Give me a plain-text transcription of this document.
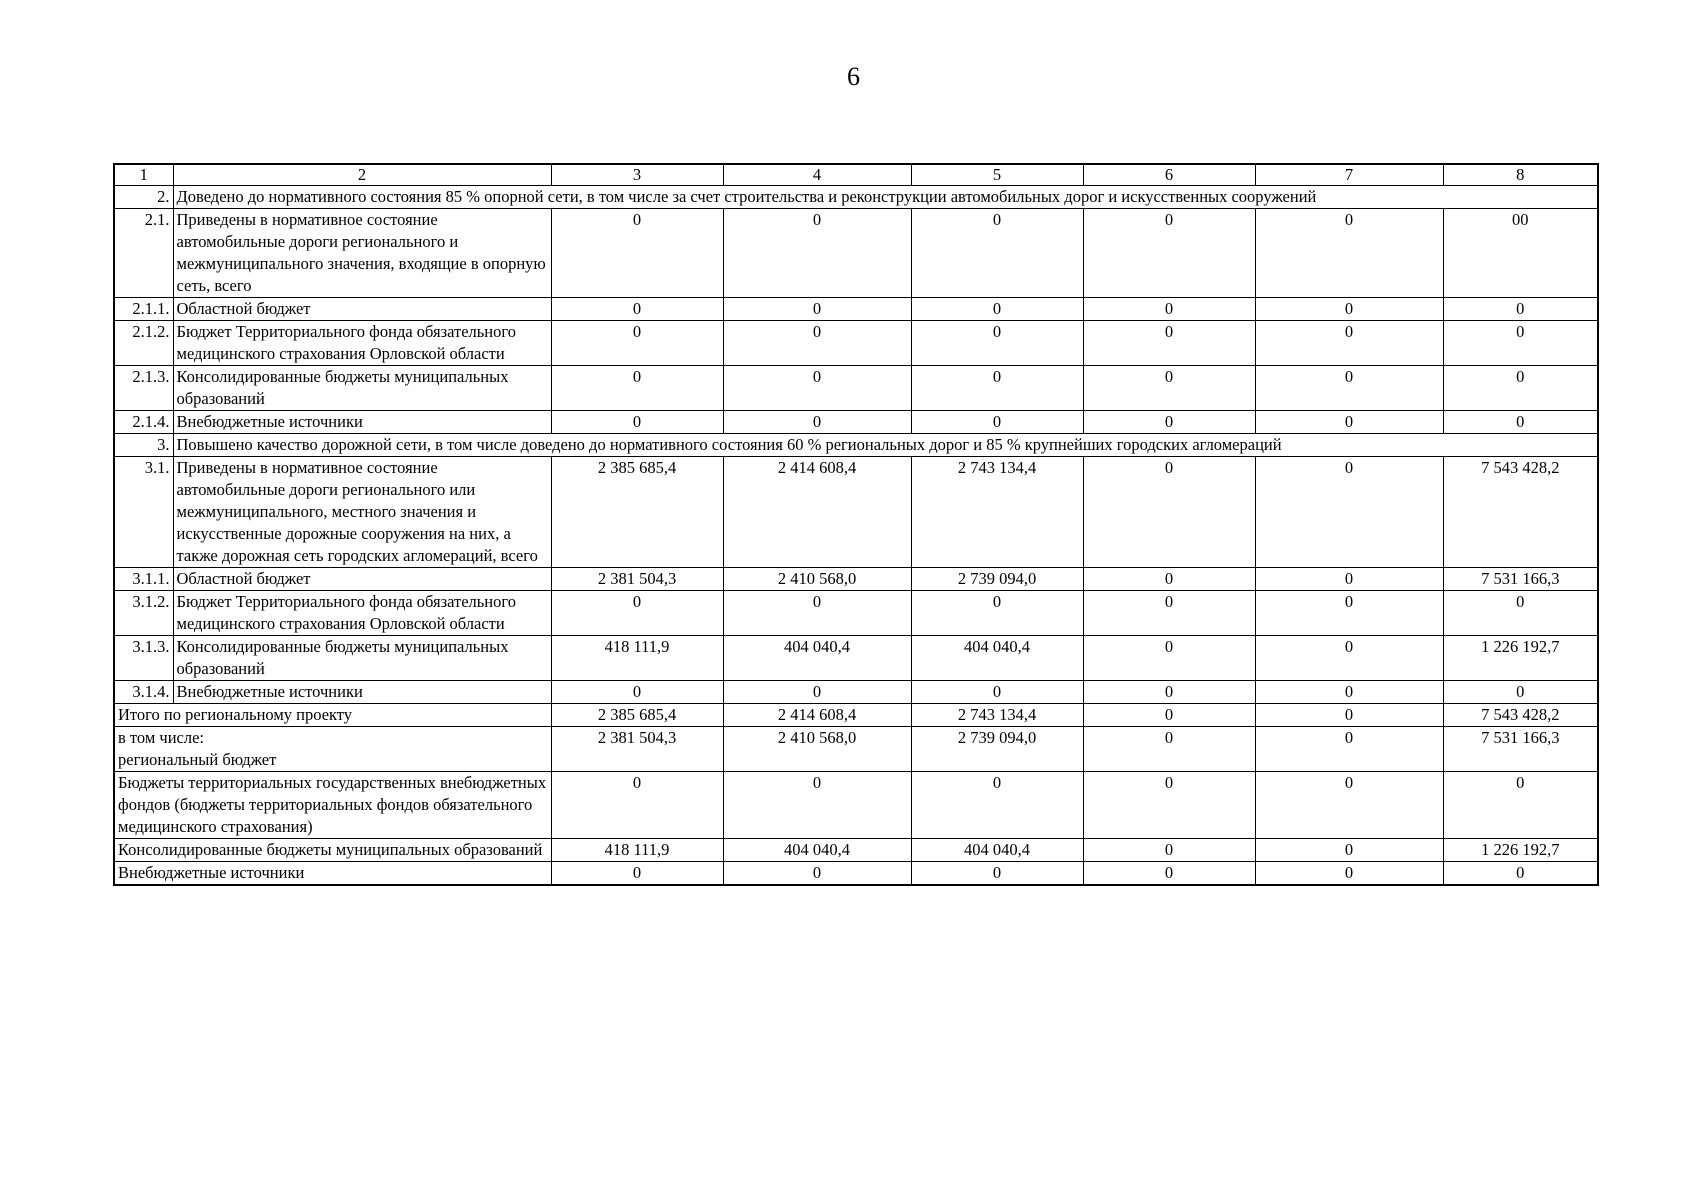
6
1	2	3	4	5	6	7	8
2.	Доведено до нормативного состояния 85 % опорной сети, в том числе за счет строительства и реконструкции автомобильных дорог и искусственных сооружений						
2.1.	Приведены в нормативное состояние автомобильные дороги регионального и межмуниципального значения, входящие в опорную сеть, всего	0	0	0	0	0	00
2.1.1.	Областной бюджет	0	0	0	0	0	0
2.1.2.	Бюджет Территориального фонда обязательного медицинского страхования Орловской области	0	0	0	0	0	0
2.1.3.	Консолидированные бюджеты муниципальных образований	0	0	0	0	0	0
2.1.4.	Внебюджетные источники	0	0	0	0	0	0
3.	Повышено качество дорожной сети, в том числе доведено до нормативного состояния 60 % региональных дорог и 85 % крупнейших городских агломераций						
3.1.	Приведены в нормативное состояние автомобильные дороги регионального или межмуниципального, местного значения и искусственные дорожные сооружения на них, а также дорожная сеть городских агломераций, всего	2 385 685,4	2 414 608,4	2 743 134,4	0	0	7 543 428,2
3.1.1.	Областной бюджет	2 381 504,3	2 410 568,0	2 739 094,0	0	0	7 531 166,3
3.1.2.	Бюджет Территориального фонда обязательного медицинского страхования Орловской области	0	0	0	0	0	0
3.1.3.	Консолидированные бюджеты муниципальных образований	418 111,9	404 040,4	404 040,4	0	0	1 226 192,7
3.1.4.	Внебюджетные источники	0	0	0	0	0	0

Итого по региональному проекту		2 385 685,4	2 414 608,4	2 743 134,4	0	0	7 543 428,2

в том числе:
региональный бюджет		2 381 504,3	2 410 568,0	2 739 094,0	0	0	7 531 166,3

Бюджеты территориальных государственных внебюджетных фондов (бюджеты территориальных фондов обязательного медицинского страхования)		0	0	0	0	0	0

Консолидированные бюджеты муниципальных образований		418 111,9	404 040,4	404 040,4	0	0	1 226 192,7

Внебюджетные источники		0	0	0	0	0	0
